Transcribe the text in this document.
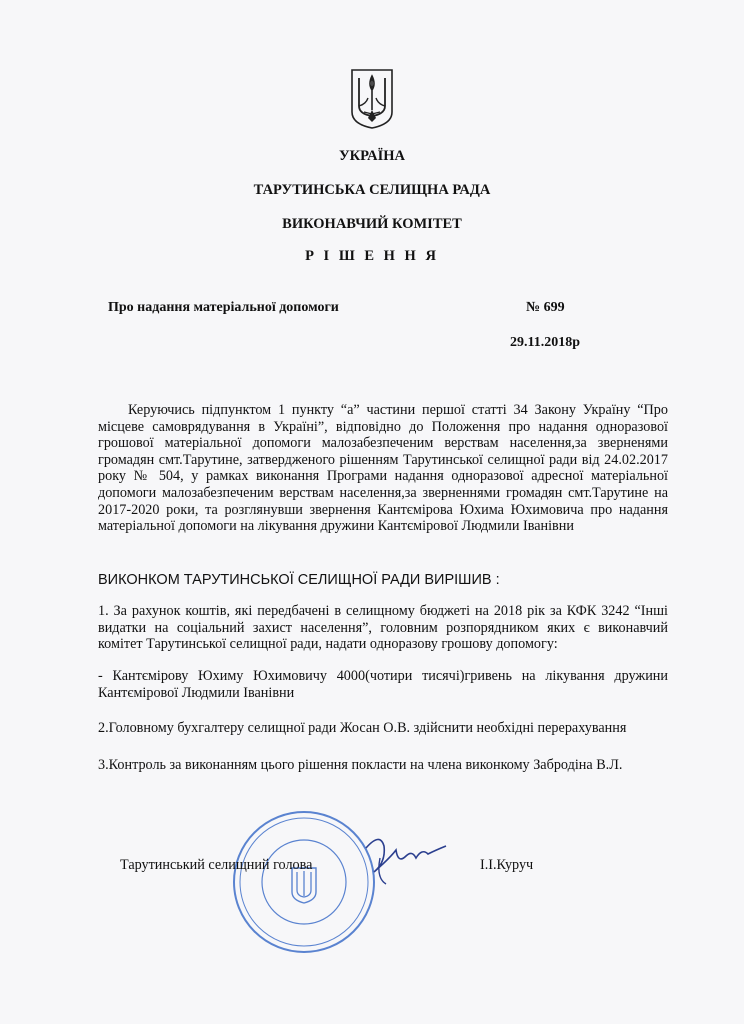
УКРАЇНА
ТАРУТИНСЬКА СЕЛИЩНА РАДА
ВИКОНАВЧИЙ КОМІТЕТ
Р І Ш Е Н Н Я
Про надання матеріальної допомоги	№ 699
29.11.2018р
Керуючись підпунктом 1 пункту “а” частини першої статті 34 Закону Україну “Про місцеве самоврядування в Україні”, відповідно до Положення про надання одноразової грошової матеріальної допомоги малозабезпеченим верствам населення,за зверненями громадян смт.Тарутине, затвердженого рішенням Тарутинської селищної ради від 24.02.2017 року № 504, у рамках виконання Програми надання одноразової адресної матеріальної допомоги малозабезпеченим верствам населення,за зверненнями громадян смт.Тарутине на 2017-2020 роки, та розглянувши звернення Кантємірова Юхима Юхимовича про надання матеріальної допомоги на лікування дружини Кантємірової Людмили Іванівни
ВИКОНКОМ ТАРУТИНСЬКОЇ СЕЛИЩНОЇ РАДИ ВИРІШИВ :
1. За рахунок коштів, які передбачені в селищному бюджеті на 2018 рік за КФК 3242 “Інші видатки на соціальний захист населення”, головним розпорядником яких є виконавчий комітет Тарутинської селищної ради, надати одноразову грошову допомогу:
- Кантємірову Юхиму Юхимовичу 4000(чотири тисячі)гривень на лікування дружини Кантємірової Людмили Іванівни
2.Головному бухгалтеру селищної ради Жосан О.В. здійснити необхідні перерахування
3.Контроль за виконанням цього рішення покласти на члена виконкому Забродіна В.Л.
Тарутинський селищний голова	І.І.Куруч
